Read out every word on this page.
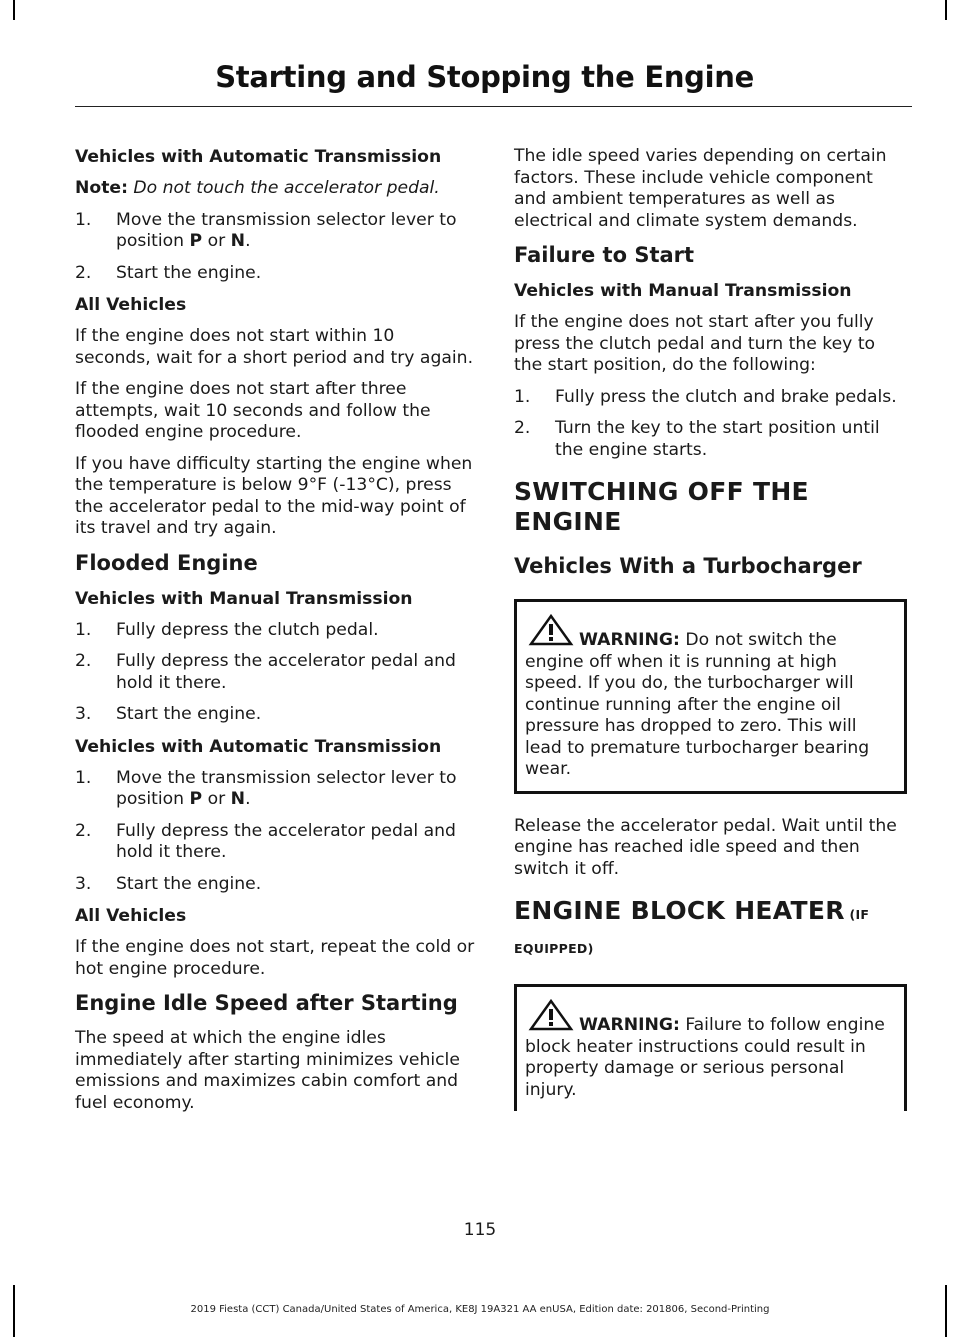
Starting and Stopping the Engine
Vehicles with Automatic Transmission

Note: Do not touch the accelerator pedal.

1. Move the transmission selector lever to position P or N.
2. Start the engine.
All Vehicles

If the engine does not start within 10 seconds, wait for a short period and try again.

If the engine does not start after three attempts, wait 10 seconds and follow the flooded engine procedure.

If you have difficulty starting the engine when the temperature is below 9°F (-13°C), press the accelerator pedal to the mid-way point of its travel and try again.

Flooded Engine
Vehicles with Manual Transmission
1. Fully depress the clutch pedal.
2. Fully depress the accelerator pedal and hold it there.
3. Start the engine.
Vehicles with Automatic Transmission
1. Move the transmission selector lever to position P or N.
2. Fully depress the accelerator pedal and hold it there.
3. Start the engine.
All Vehicles

If the engine does not start, repeat the cold or hot engine procedure.

Engine Idle Speed after Starting

The speed at which the engine idles immediately after starting minimizes vehicle emissions and maximizes cabin comfort and fuel economy.

The idle speed varies depending on certain factors. These include vehicle component and ambient temperatures as well as electrical and climate system demands.

Failure to Start
Vehicles with Manual Transmission

If the engine does not start after you fully press the clutch pedal and turn the key to the start position, do the following:

1. Fully press the clutch and brake pedals.
2. Turn the key to the start position until the engine starts.
SWITCHING OFF THE ENGINE
Vehicles With a Turbocharger

WARNING: Do not switch the engine off when it is running at high speed. If you do, the turbocharger will continue running after the engine oil pressure has dropped to zero. This will lead to premature turbocharger bearing wear.

Release the accelerator pedal. Wait until the engine has reached idle speed and then switch it off.

ENGINE BLOCK HEATER (IF EQUIPPED)

WARNING: Failure to follow engine block heater instructions could result in property damage or serious personal injury.

115
2019 Fiesta (CCT) Canada/United States of America, KE8J 19A321 AA enUSA, Edition date: 201806, Second-Printing
